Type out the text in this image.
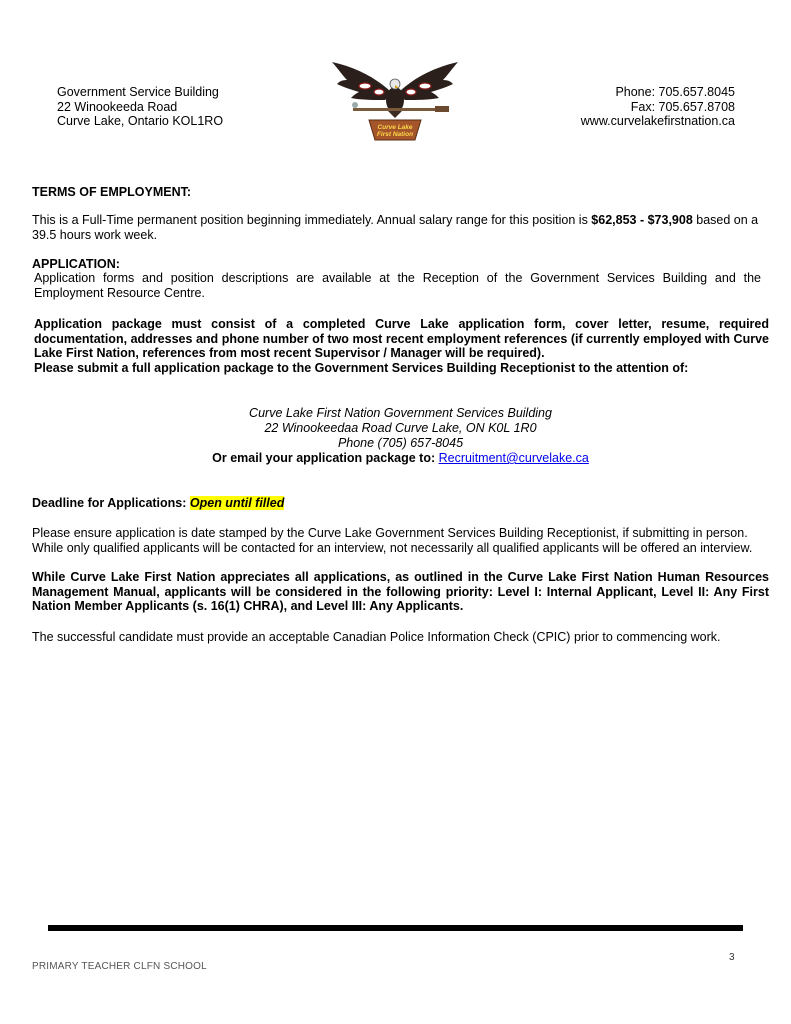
Government Service Building
22 Winookeeda Road
Curve Lake, Ontario KOL1RO	Curve Lake
First Nation
Phone: 705.657.8045
Fax: 705.657.8708
www.curvelakefirstnation.ca
TERMS OF EMPLOYMENT:
This is a Full-Time permanent position beginning immediately. Annual salary range for this position is $62,853 - $73,908 based on a 39.5 hours work week.
APPLICATION:
Application forms and position descriptions are available at the Reception of the Government Services Building and the Employment Resource Centre.
Application package must consist of a completed Curve Lake application form, cover letter, resume, required documentation, addresses and phone number of two most recent employment references (if currently employed with Curve Lake First Nation, references from most recent Supervisor / Manager will be required).
Please submit a full application package to the Government Services Building Receptionist to the attention of:
Curve Lake First Nation Government Services Building
22 Winookeedaa Road Curve Lake, ON K0L 1R0
Phone (705) 657-8045
Or email your application package to: Recruitment@curvelake.ca
Deadline for Applications: Open until filled
Please ensure application is date stamped by the Curve Lake Government Services Building Receptionist, if submitting in person. While only qualified applicants will be contacted for an interview, not necessarily all qualified applicants will be offered an interview.
While Curve Lake First Nation appreciates all applications, as outlined in the Curve Lake First Nation Human Resources Management Manual, applicants will be considered in the following priority: Level I: Internal Applicant, Level II: Any First Nation Member Applicants (s. 16(1) CHRA), and Level III: Any Applicants.
The successful candidate must provide an acceptable Canadian Police Information Check (CPIC) prior to commencing work.
3
PRIMARY TEACHER CLFN SCHOOL
